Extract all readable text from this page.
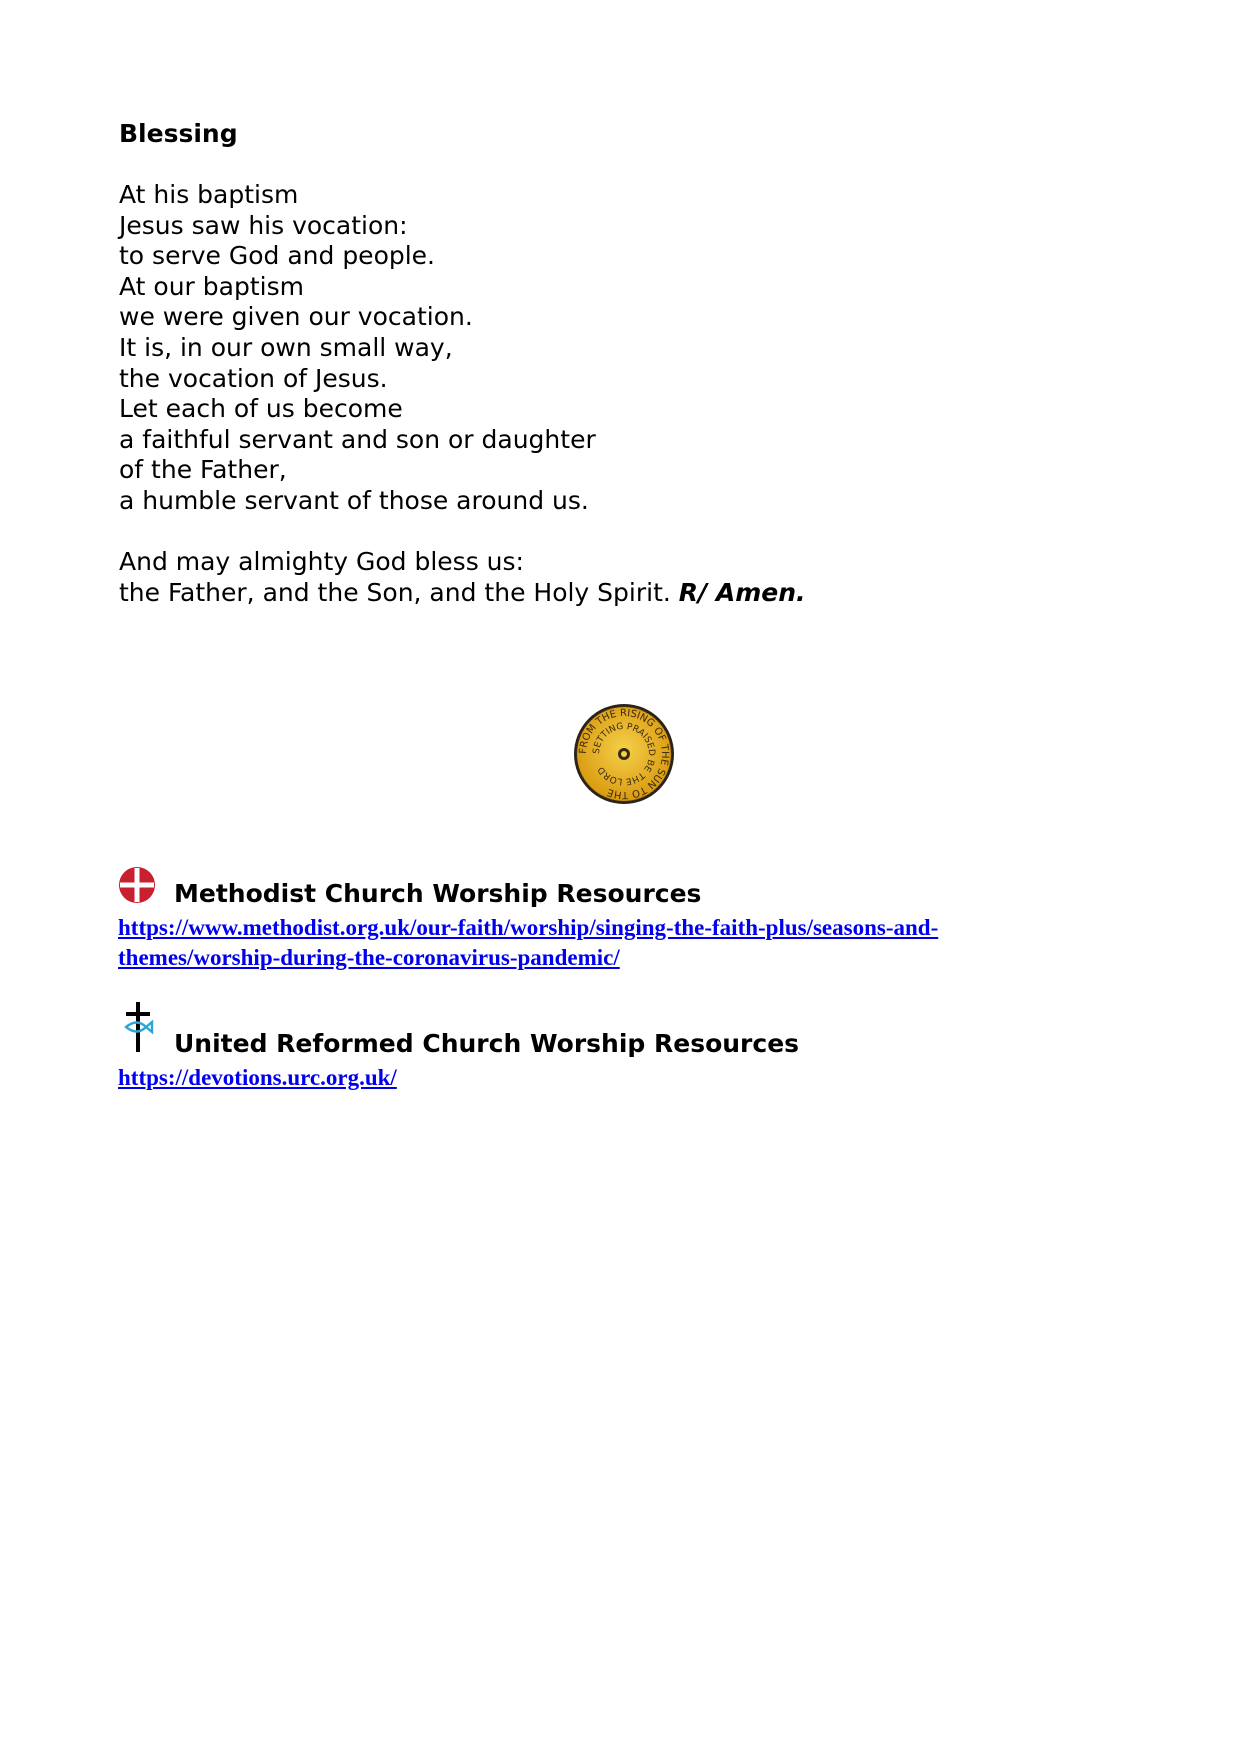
Blessing
At his baptism
Jesus saw his vocation:
to serve God and people.
At our baptism
we were given our vocation.
It is, in our own small way,
the vocation of Jesus.
Let each of us become
a faithful servant and son or daughter
of the Father,
a humble servant of those around us.
And may almighty God bless us:
the Father, and the Son, and the Holy Spirit. R/ Amen.
FROM THE RISING OF THE SUN TO THE
SETTING PRAISED BE THE LORD
Methodist Church Worship Resources
https://www.methodist.org.uk/our-faith/worship/singing-the-faith-plus/seasons-and-
themes/worship-during-the-coronavirus-pandemic/
United Reformed Church Worship Resources
https://devotions.urc.org.uk/
